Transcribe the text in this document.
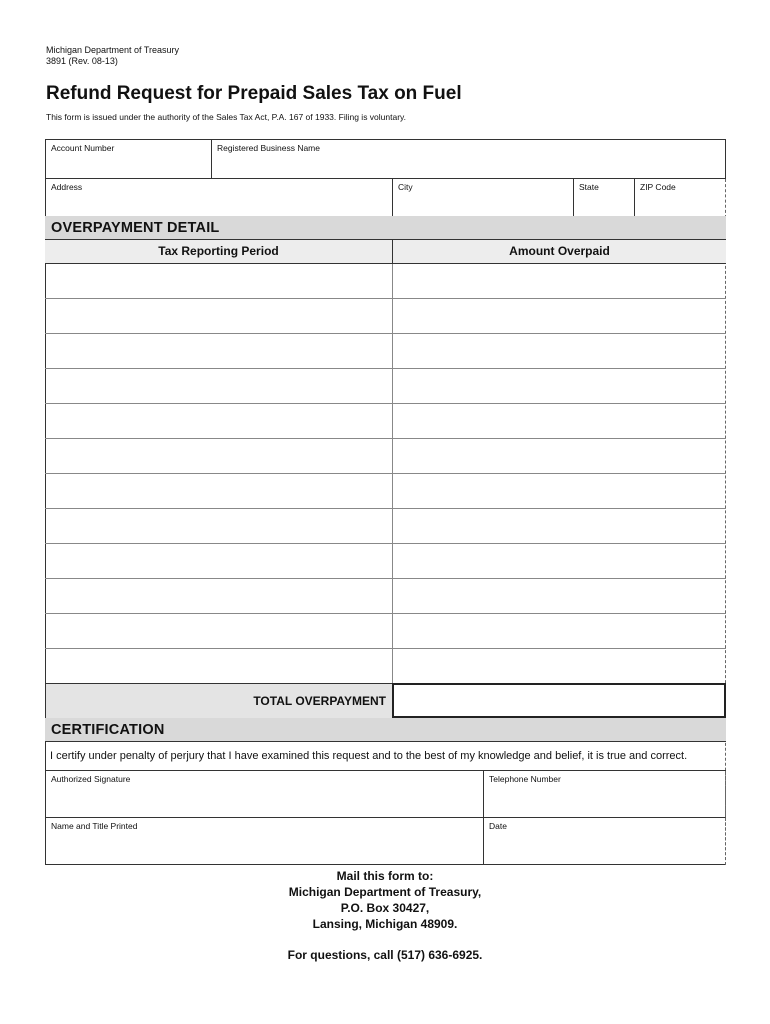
Michigan Department of Treasury
3891 (Rev. 08-13)
Refund Request for Prepaid Sales Tax on Fuel
This form is issued under the authority of the Sales Tax Act, P.A. 167 of 1933. Filing is voluntary.
Account Number	Registered Business Name
Address	City	State	ZIP Code
OVERPAYMENT DETAIL
Tax Reporting Period	Amount Overpaid
TOTAL OVERPAYMENT
CERTIFICATION
I certify under penalty of perjury that I have examined this request and to the best of my knowledge and belief, it is true and correct.
Authorized Signature	Telephone Number
Name and Title Printed	Date
Mail this form to:
Michigan Department of Treasury,
P.O. Box 30427,
Lansing, Michigan 48909.
For questions, call (517) 636-6925.
